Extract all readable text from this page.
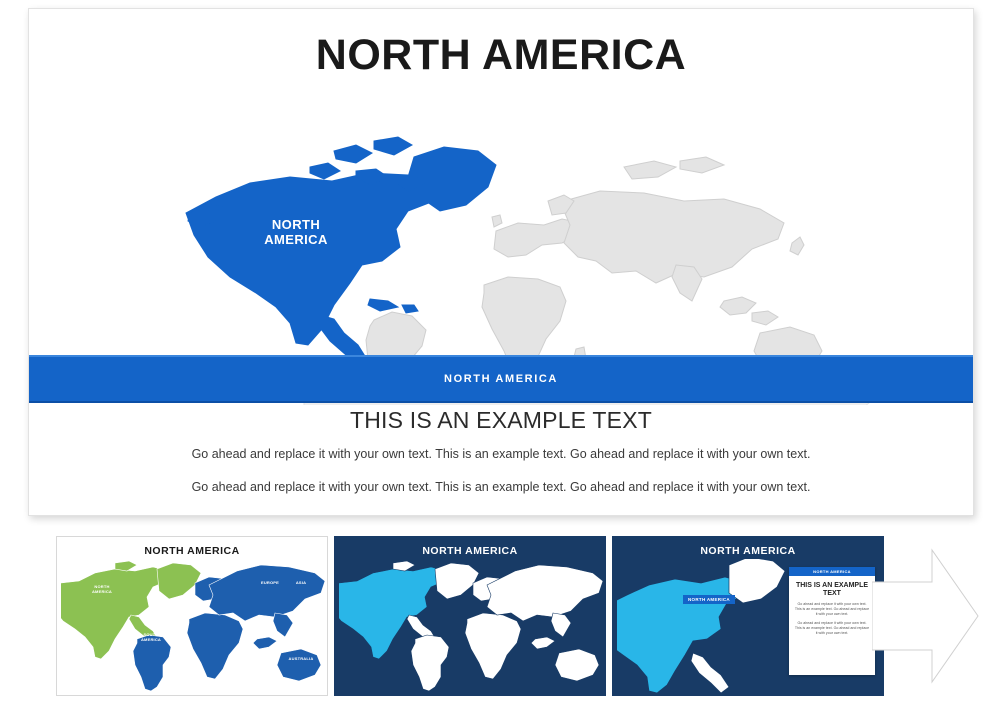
NORTH AMERICA
NORTH
AMERICA
NORTH AMERICA
THIS IS AN EXAMPLE TEXT

Go ahead and replace it with your own text. This is an example text. Go ahead and replace it with your own text.

Go ahead and replace it with your own text. This is an example text. Go ahead and replace it with your own text.

NORTH AMERICA
NORTH AMERICA
EUROPE	ASIA
AFRICA
SOUTH AMERICA
AUSTRALIA
NORTH AMERICA	NORTH AMERICA
NORTH AMERICA
NORTH AMERICA
THIS IS AN EXAMPLE TEXT
Go ahead and replace it with your own text. This is an example text. Go ahead and replace it with your own text.
Go ahead and replace it with your own text. This is an example text. Go ahead and replace it with your own text.
